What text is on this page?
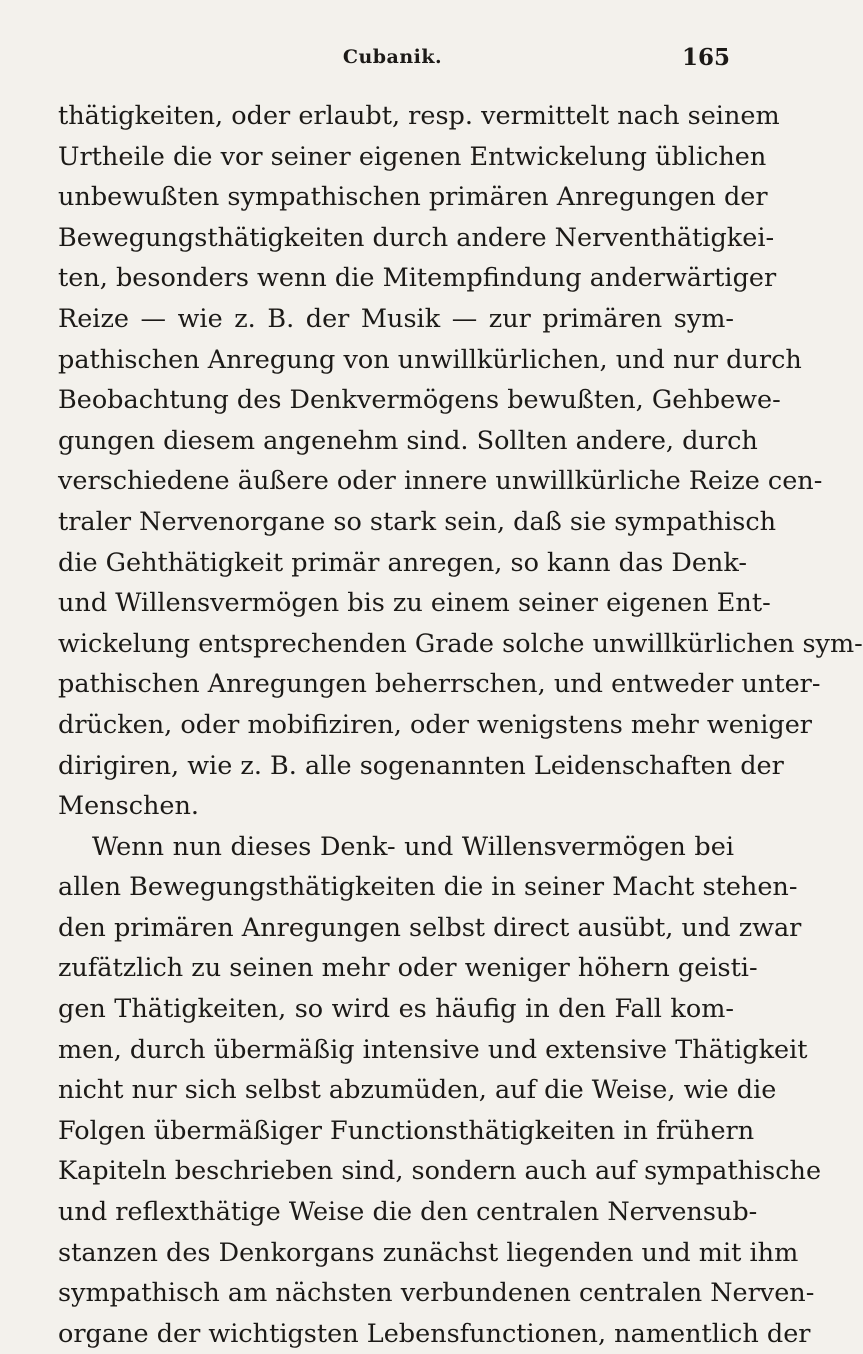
Cubanik.	165
thätigkeiten, oder erlaubt, resp. vermittelt nach seinem
Urtheile die vor seiner eigenen Entwickelung üblichen
unbewußten sympathischen primären Anregungen der
Bewegungsthätigkeiten durch andere Nerventhätigkei-
ten, besonders wenn die Mitempfindung anderwärtiger
Reize — wie z. B. der Musik — zur primären sym-
pathischen Anregung von unwillkürlichen, und nur durch
Beobachtung des Denkvermögens bewußten, Gehbewe-
gungen diesem angenehm sind. Sollten andere, durch
verschiedene äußere oder innere unwillkürliche Reize cen-
traler Nervenorgane so stark sein, daß sie sympathisch
die Gehthätigkeit primär anregen, so kann das Denk-
und Willensvermögen bis zu einem seiner eigenen Ent-
wickelung entsprechenden Grade solche unwillkürlichen sym-
pathischen Anregungen beherrschen, und entweder unter-
drücken, oder mobifiziren, oder wenigstens mehr weniger
dirigiren, wie z. B. alle sogenannten Leidenschaften der
Menschen.
Wenn nun dieses Denk- und Willensvermögen bei
allen Bewegungsthätigkeiten die in seiner Macht stehen-
den primären Anregungen selbst direct ausübt, und zwar
zufätzlich zu seinen mehr oder weniger höhern geisti-
gen Thätigkeiten, so wird es häufig in den Fall kom-
men, durch übermäßig intensive und extensive Thätigkeit
nicht nur sich selbst abzumüden, auf die Weise, wie die
Folgen übermäßiger Functionsthätigkeiten in frühern
Kapiteln beschrieben sind, sondern auch auf sympathische
und reflexthätige Weise die den centralen Nervensub-
stanzen des Denkorgans zunächst liegenden und mit ihm
sympathisch am nächsten verbundenen centralen Nerven-
organe der wichtigsten Lebensfunctionen, namentlich der
